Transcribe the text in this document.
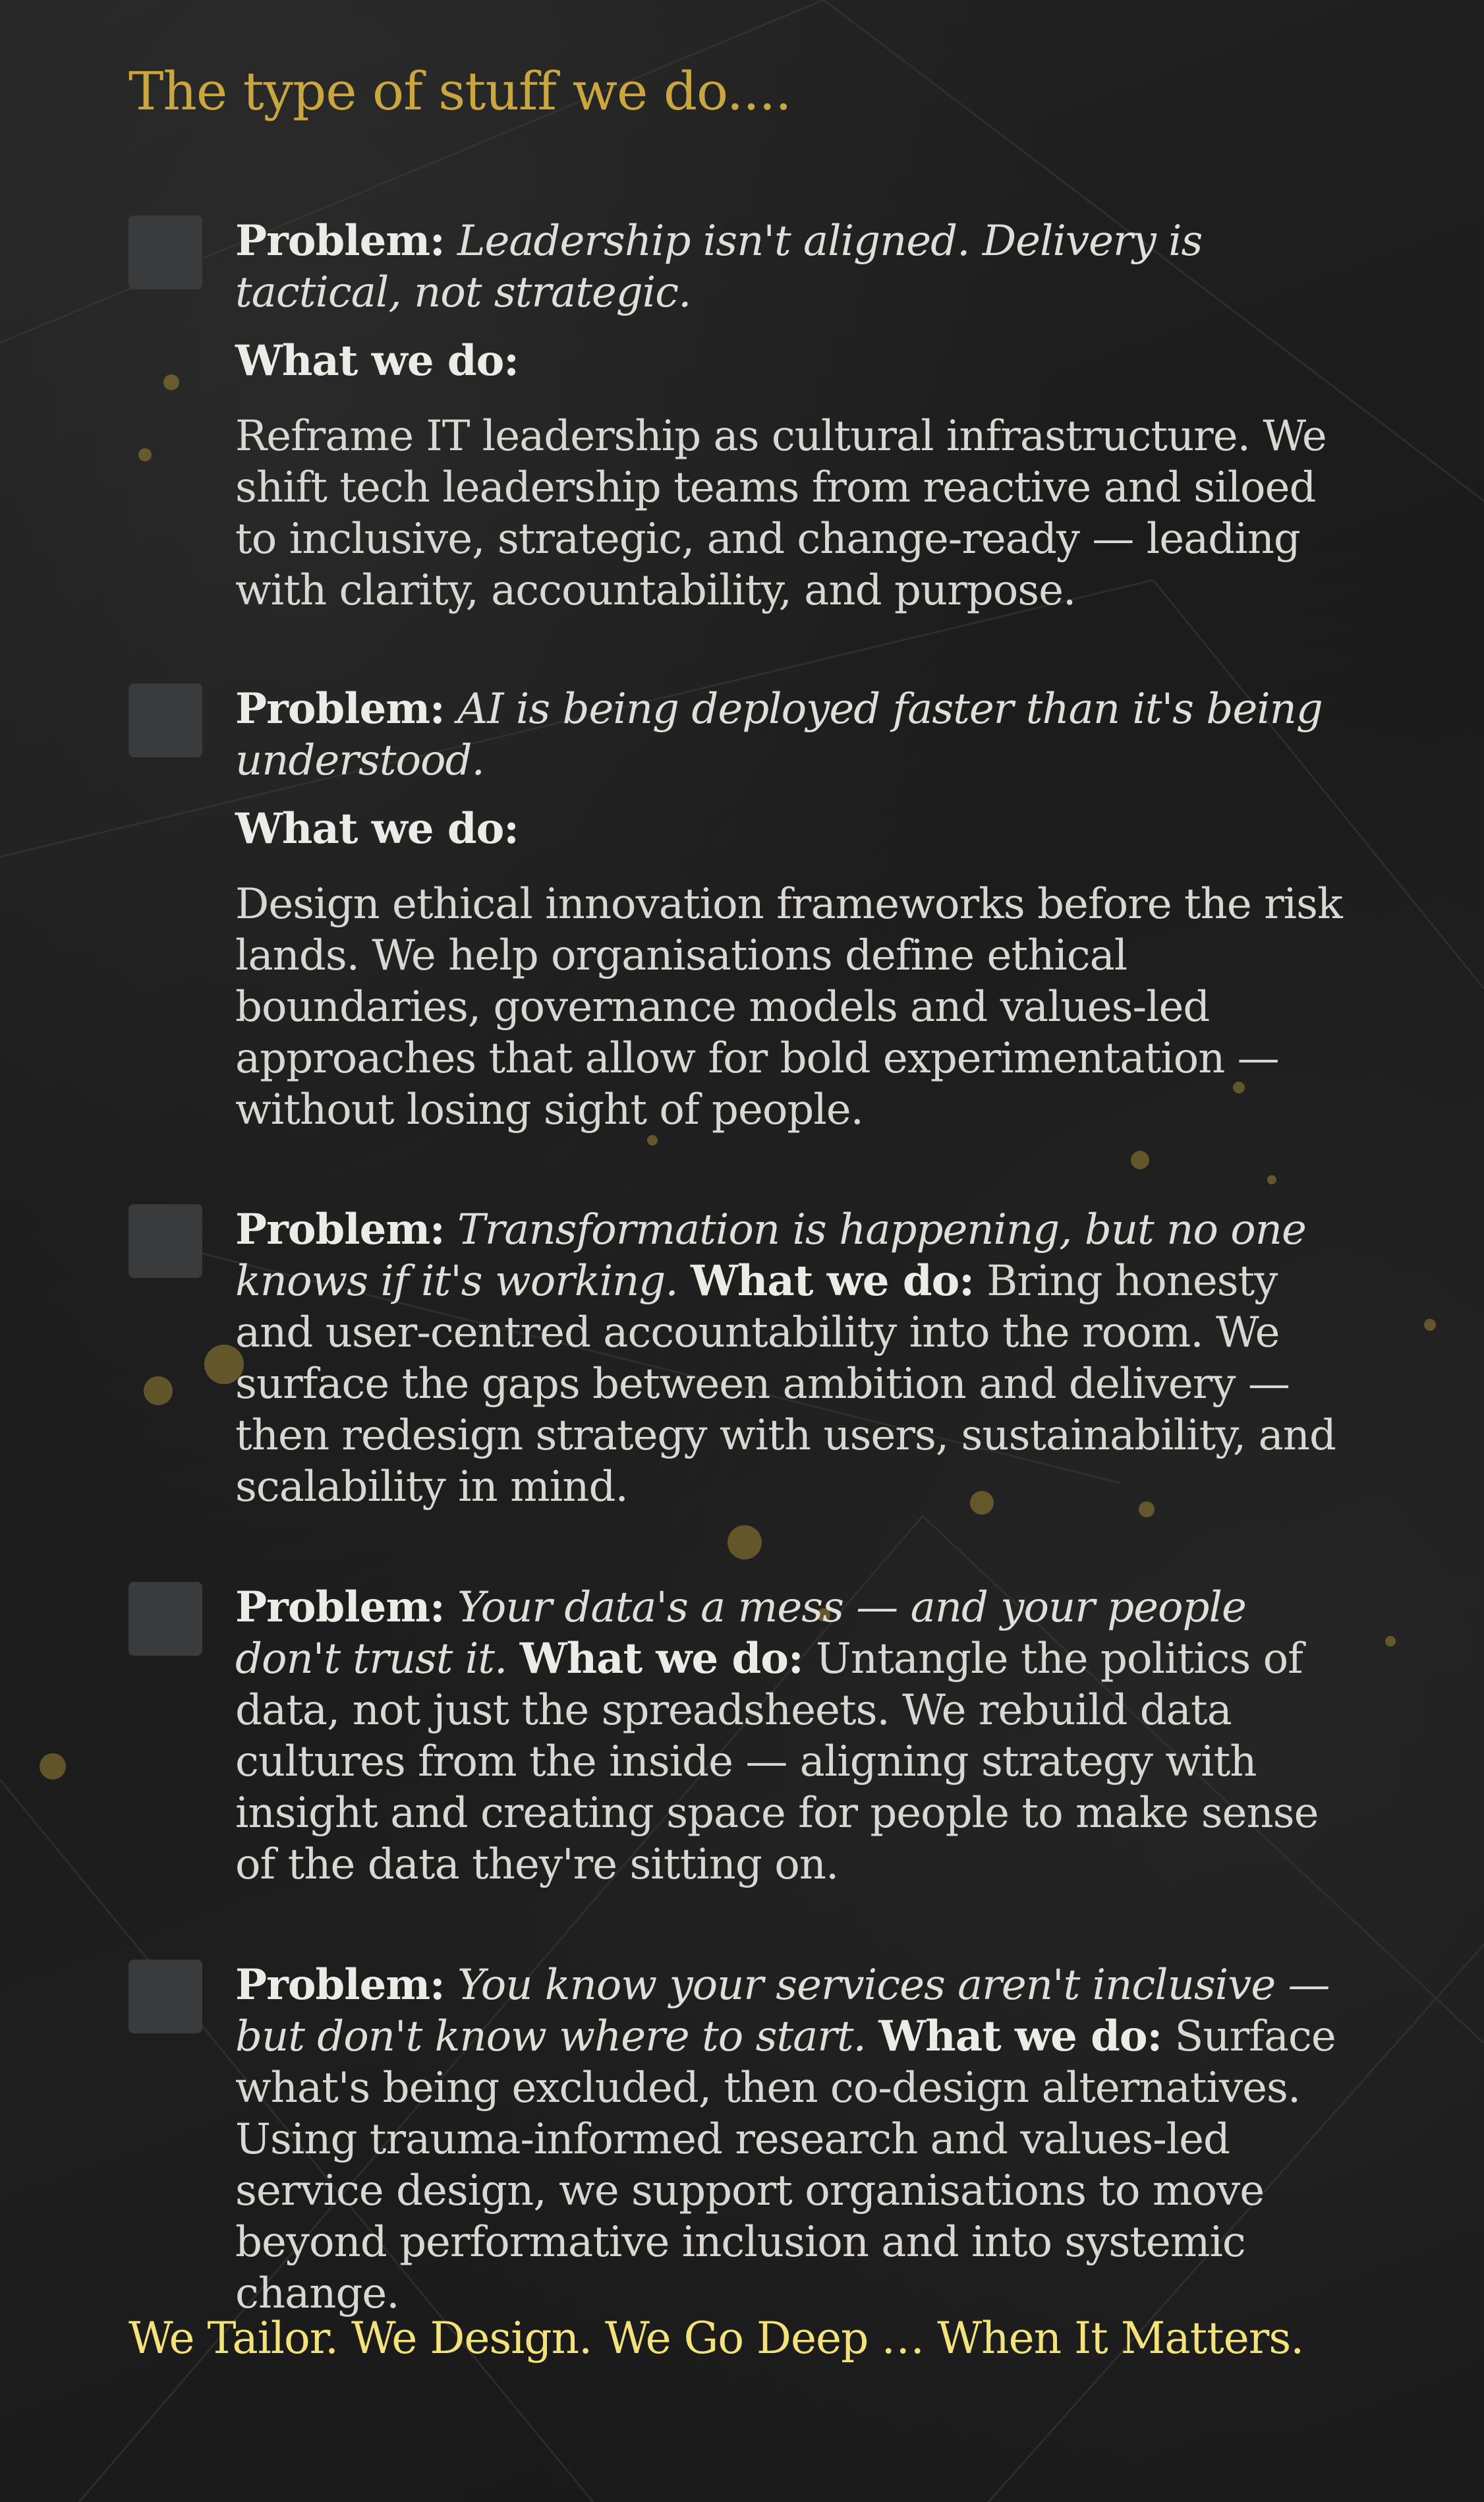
The type of stuff we do....

Problem: Leadership isn't aligned. Delivery is tactical, not strategic.

What we do:

Reframe IT leadership as cultural infrastructure. We shift tech leadership teams from reactive and siloed to inclusive, strategic, and change-ready — leading with clarity, accountability, and purpose.

Problem: AI is being deployed faster than it's being understood.

What we do:

Design ethical innovation frameworks before the risk lands. We help organisations define ethical boundaries, governance models and values-led approaches that allow for bold experimentation — without losing sight of people.

Problem: Transformation is happening, but no one knows if it's working. What we do: Bring honesty and user-centred accountability into the room. We surface the gaps between ambition and delivery — then redesign strategy with users, sustainability, and scalability in mind.

Problem: Your data's a mess — and your people don't trust it. What we do: Untangle the politics of data, not just the spreadsheets. We rebuild data cultures from the inside — aligning strategy with insight and creating space for people to make sense of the data they're sitting on.

Problem: You know your services aren't inclusive — but don't know where to start. What we do: Surface what's being excluded, then co-design alternatives. Using trauma-informed research and values-led service design, we support organisations to move beyond performative inclusion and into systemic change.

We Tailor. We Design. We Go Deep … When It Matters.
